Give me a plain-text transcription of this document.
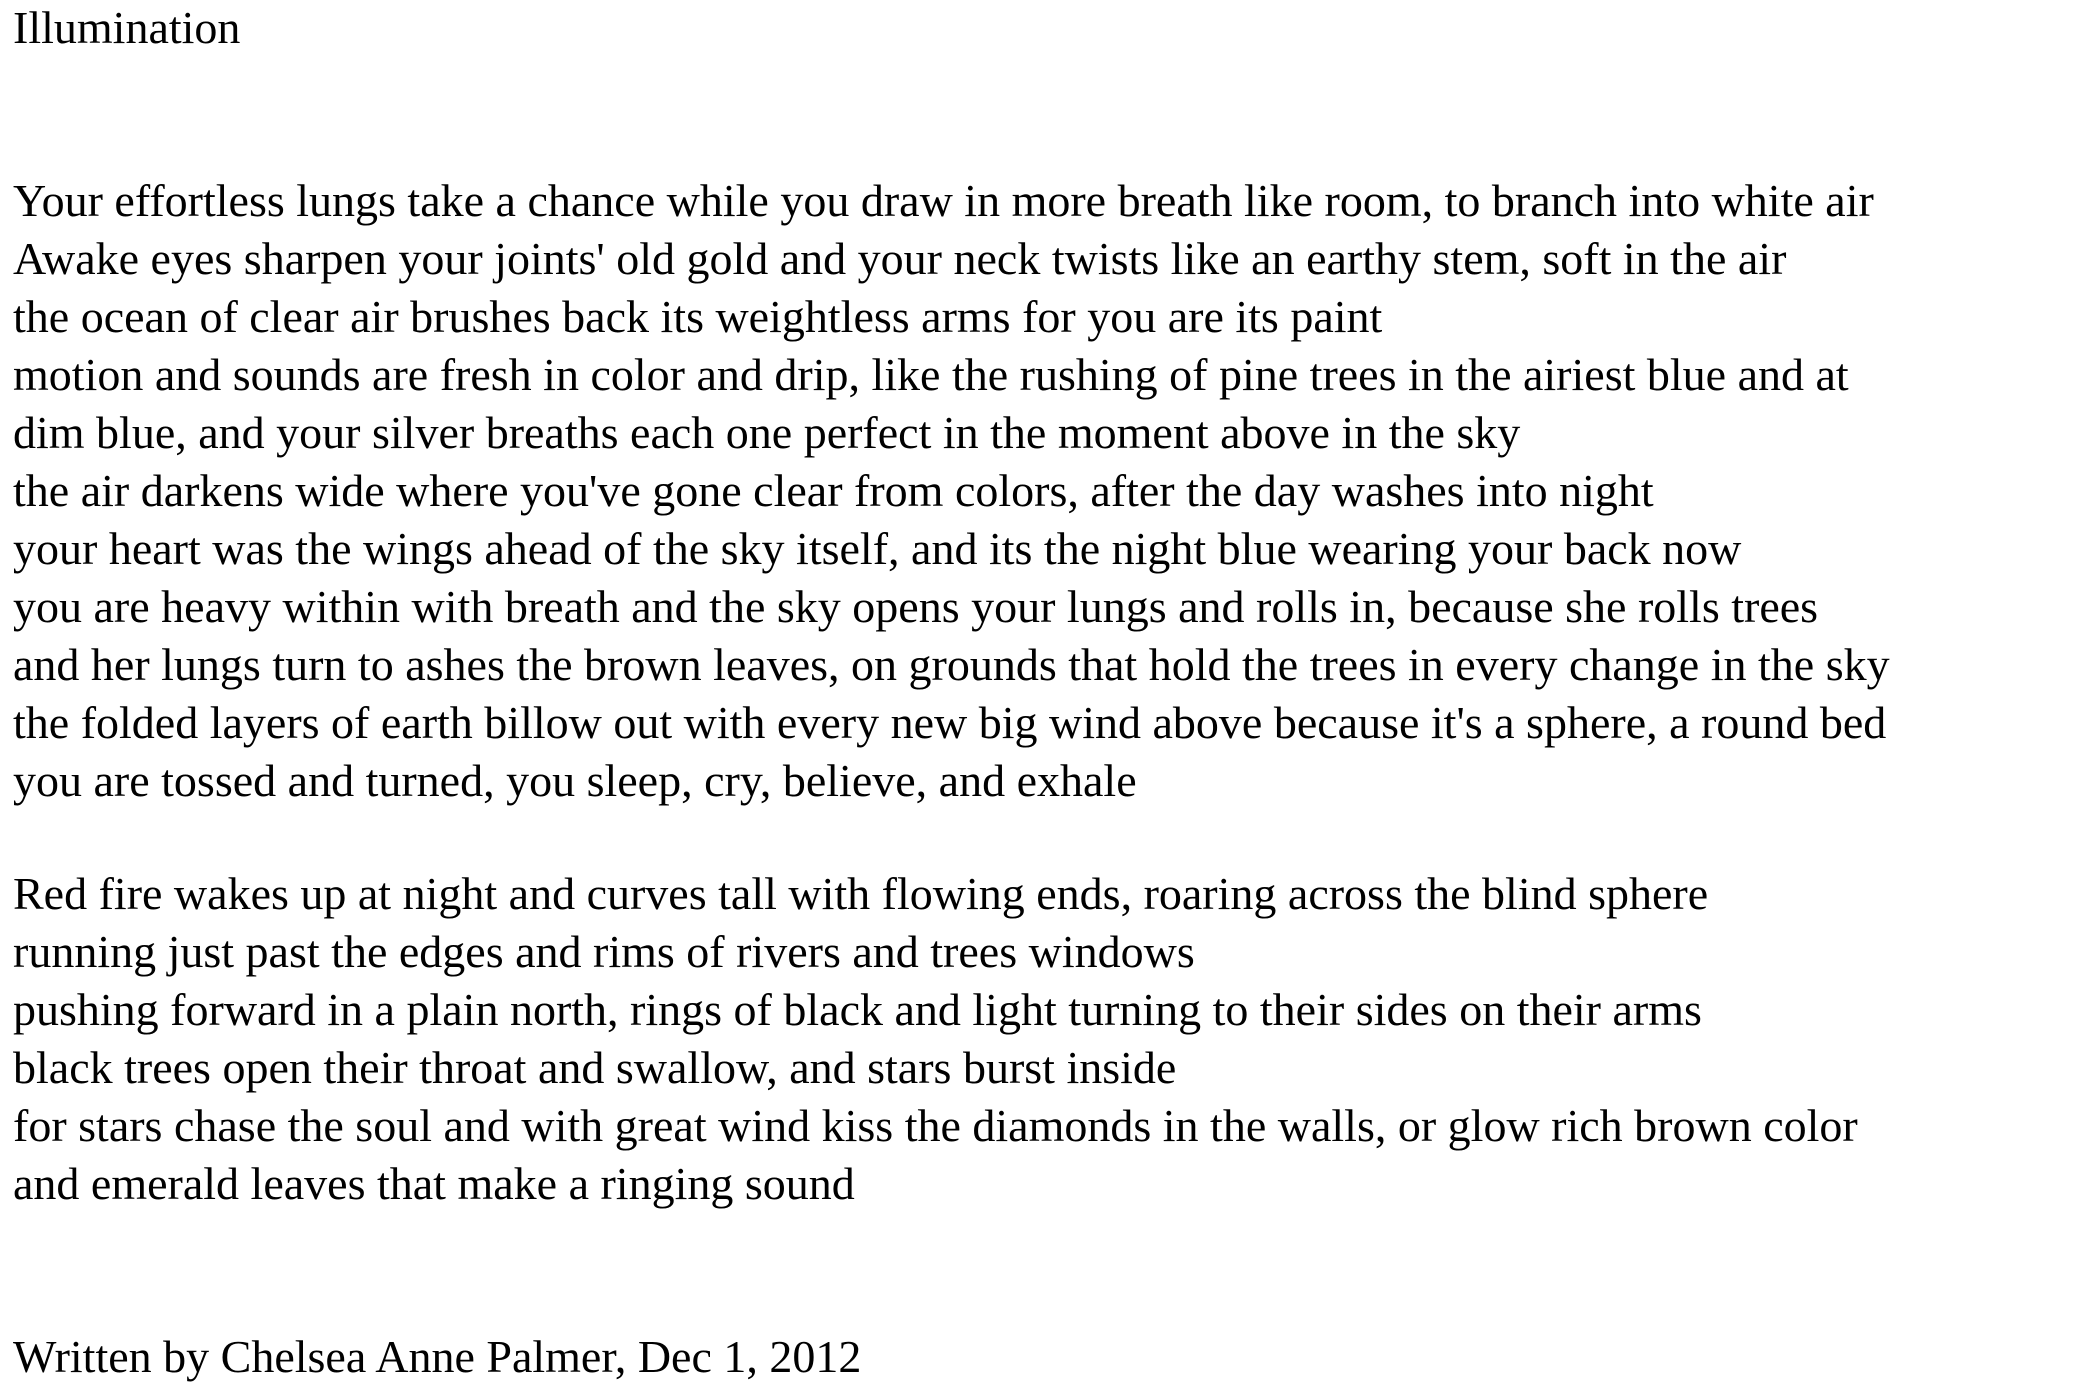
Illumination
Your effortless lungs take a chance while you draw in more breath like room, to branch into white air
Awake eyes sharpen your joints' old gold and your neck twists like an earthy stem, soft in the air
the ocean of clear air brushes back its weightless arms for you are its paint
motion and sounds are fresh in color and drip, like the rushing of pine trees in the airiest blue and at
dim blue, and your silver breaths each one perfect in the moment above in the sky
the air darkens wide where you've gone clear from colors, after the day washes into night
your heart was the wings ahead of the sky itself, and its the night blue wearing your back now
you are heavy within with breath and the sky opens your lungs and rolls in, because she rolls trees
and her lungs turn to ashes the brown leaves, on grounds that hold the trees in every change in the sky
the folded layers of earth billow out with every new big wind above because it's a sphere, a round bed
you are tossed and turned, you sleep, cry, believe, and exhale
Red fire wakes up at night and curves tall with flowing ends, roaring across the blind sphere
running just past the edges and rims of rivers and trees windows
pushing forward in a plain north, rings of black and light turning to their sides on their arms
black trees open their throat and swallow, and stars burst inside
for stars chase the soul and with great wind kiss the diamonds in the walls, or glow rich brown color
and emerald leaves that make a ringing sound
Written by Chelsea Anne Palmer, Dec 1, 2012
